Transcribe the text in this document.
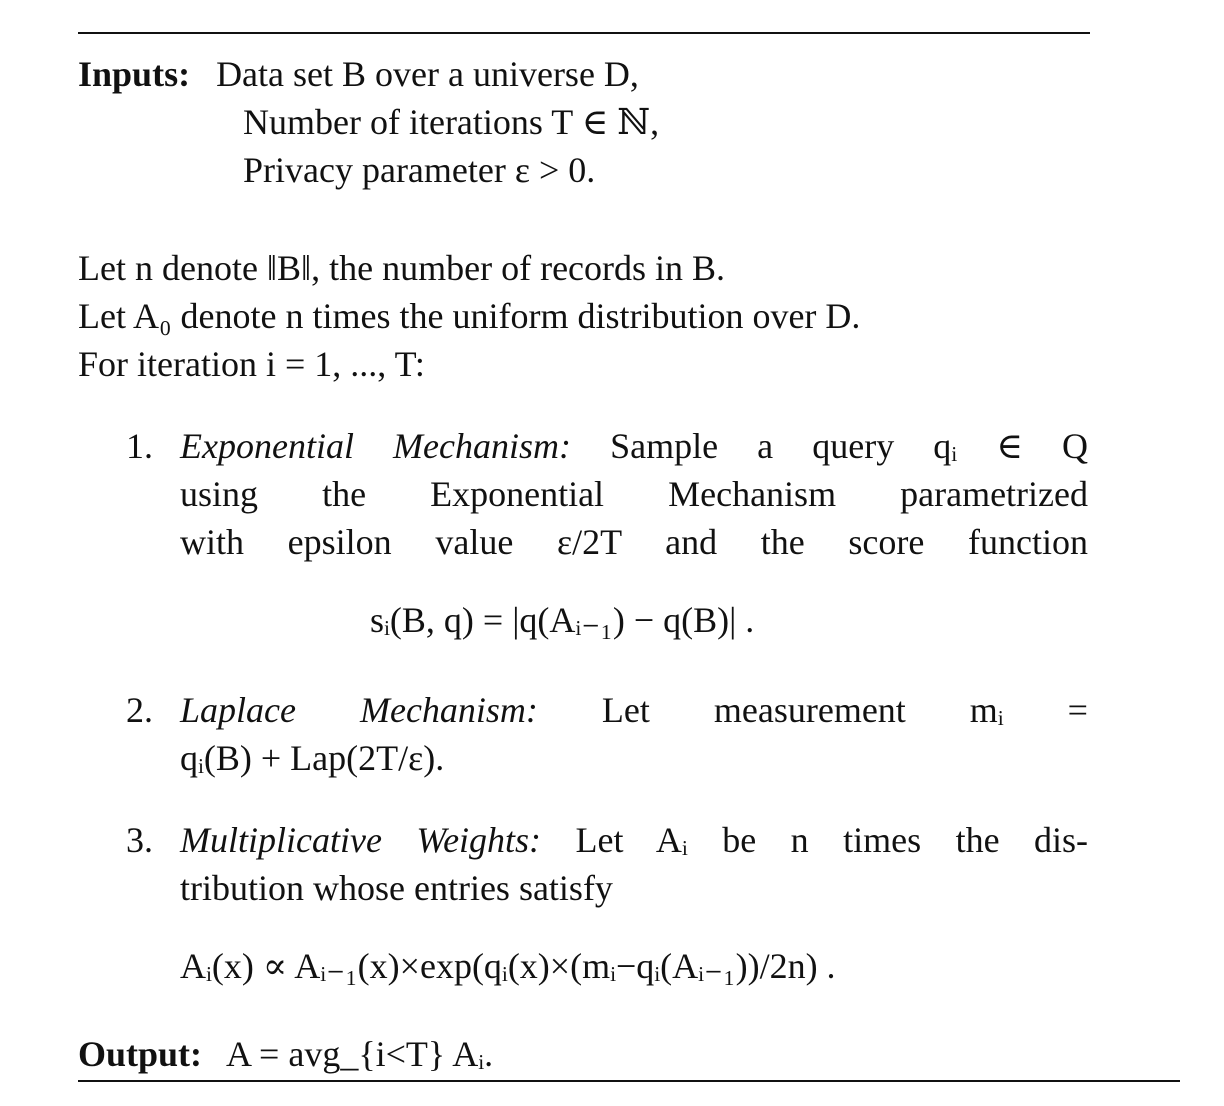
Inputs: Data set B over a universe D,
Number of iterations T ∈ ℕ,
Privacy parameter ε > 0.
Let n denote ‖B‖, the number of records in B.
Let A₀ denote n times the uniform distribution over D.
For iteration i = 1, ..., T:
1. Exponential Mechanism: Sample a query qᵢ ∈ Q
using the Exponential Mechanism parametrized
with epsilon value ε/2T and the score function
sᵢ(B, q) = |q(Aᵢ₋₁) − q(B)| .
2. Laplace Mechanism: Let measurement mᵢ =
qᵢ(B) + Lap(2T/ε).
3. Multiplicative Weights: Let Aᵢ be n times the dis-
tribution whose entries satisfy
Aᵢ(x) ∝ Aᵢ₋₁(x)×exp(qᵢ(x)×(mᵢ−qᵢ(Aᵢ₋₁))/2n) .
Output: A = avg_{i<T} Aᵢ.
